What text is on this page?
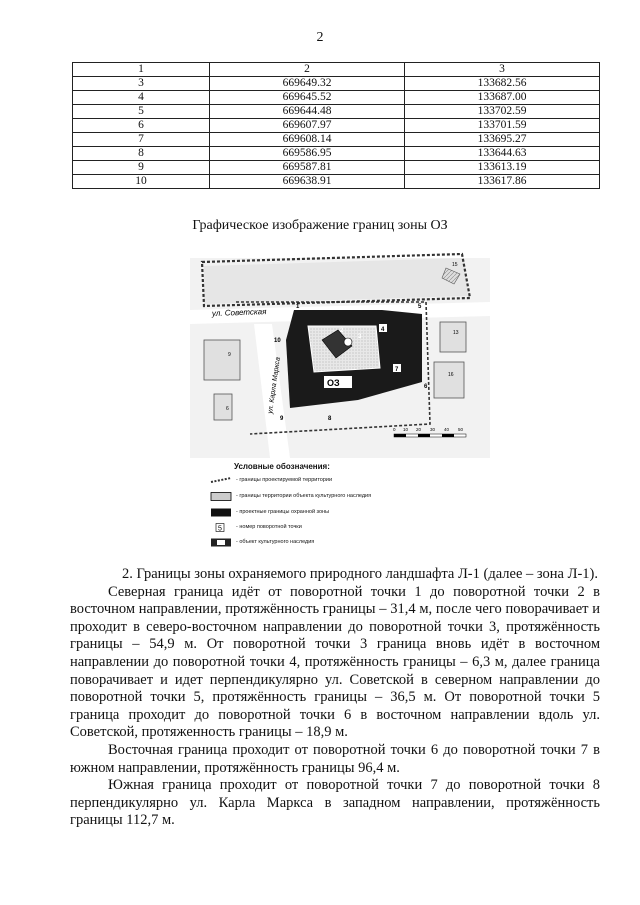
2
1	2	3
3	669649.32	133682.56
4	669645.52	133687.00
5	669644.48	133702.59
6	669607.97	133701.59
7	669608.14	133695.27
8	669586.95	133644.63
9	669587.81	133613.19
10	669638.91	133617.86
Графическое изображение границ зоны ОЗ
ул. Советская
ул. Карла Маркса	ОЗ
1
2
3
4
5
6
7
8
9
10
9
6
13
16
15
0 10 20 30 40 50
Условные обозначения:
- границы проектируемой территории
- границы территории объекта культурного наследия
- проектные границы охранной зоны
5	- номер поворотной точки
- объект культурного наследия

2. Границы зоны охраняемого природного ландшафта Л-1 (далее – зона Л-1).

Северная граница идёт от поворотной точки 1 до поворотной точки 2 в восточном направлении, протяжённость границы – 31,4 м, после чего поворачивает и проходит в северо-восточном направлении до поворотной точки 3, протяжённость границы – 54,9 м. От поворотной точки 3 граница вновь идёт в восточном направлении до поворотной точки 4, протяжённость границы – 6,3 м, далее граница поворачивает и идет перпендикулярно ул. Советской в северном направлении до поворотной точки 5, протяжённость границы – 36,5 м. От поворотной точки 5 граница проходит до поворотной точки 6 в восточном направлении вдоль ул. Советской, протяженность границы – 18,9 м.

Восточная граница проходит от поворотной точки 6 до поворотной точки 7 в южном направлении, протяжённость границы 96,4 м.

Южная граница проходит от поворотной точки 7 до поворотной точки 8 перпендикулярно ул. Карла Маркса в западном направлении, протяжённость границы 112,7 м.
